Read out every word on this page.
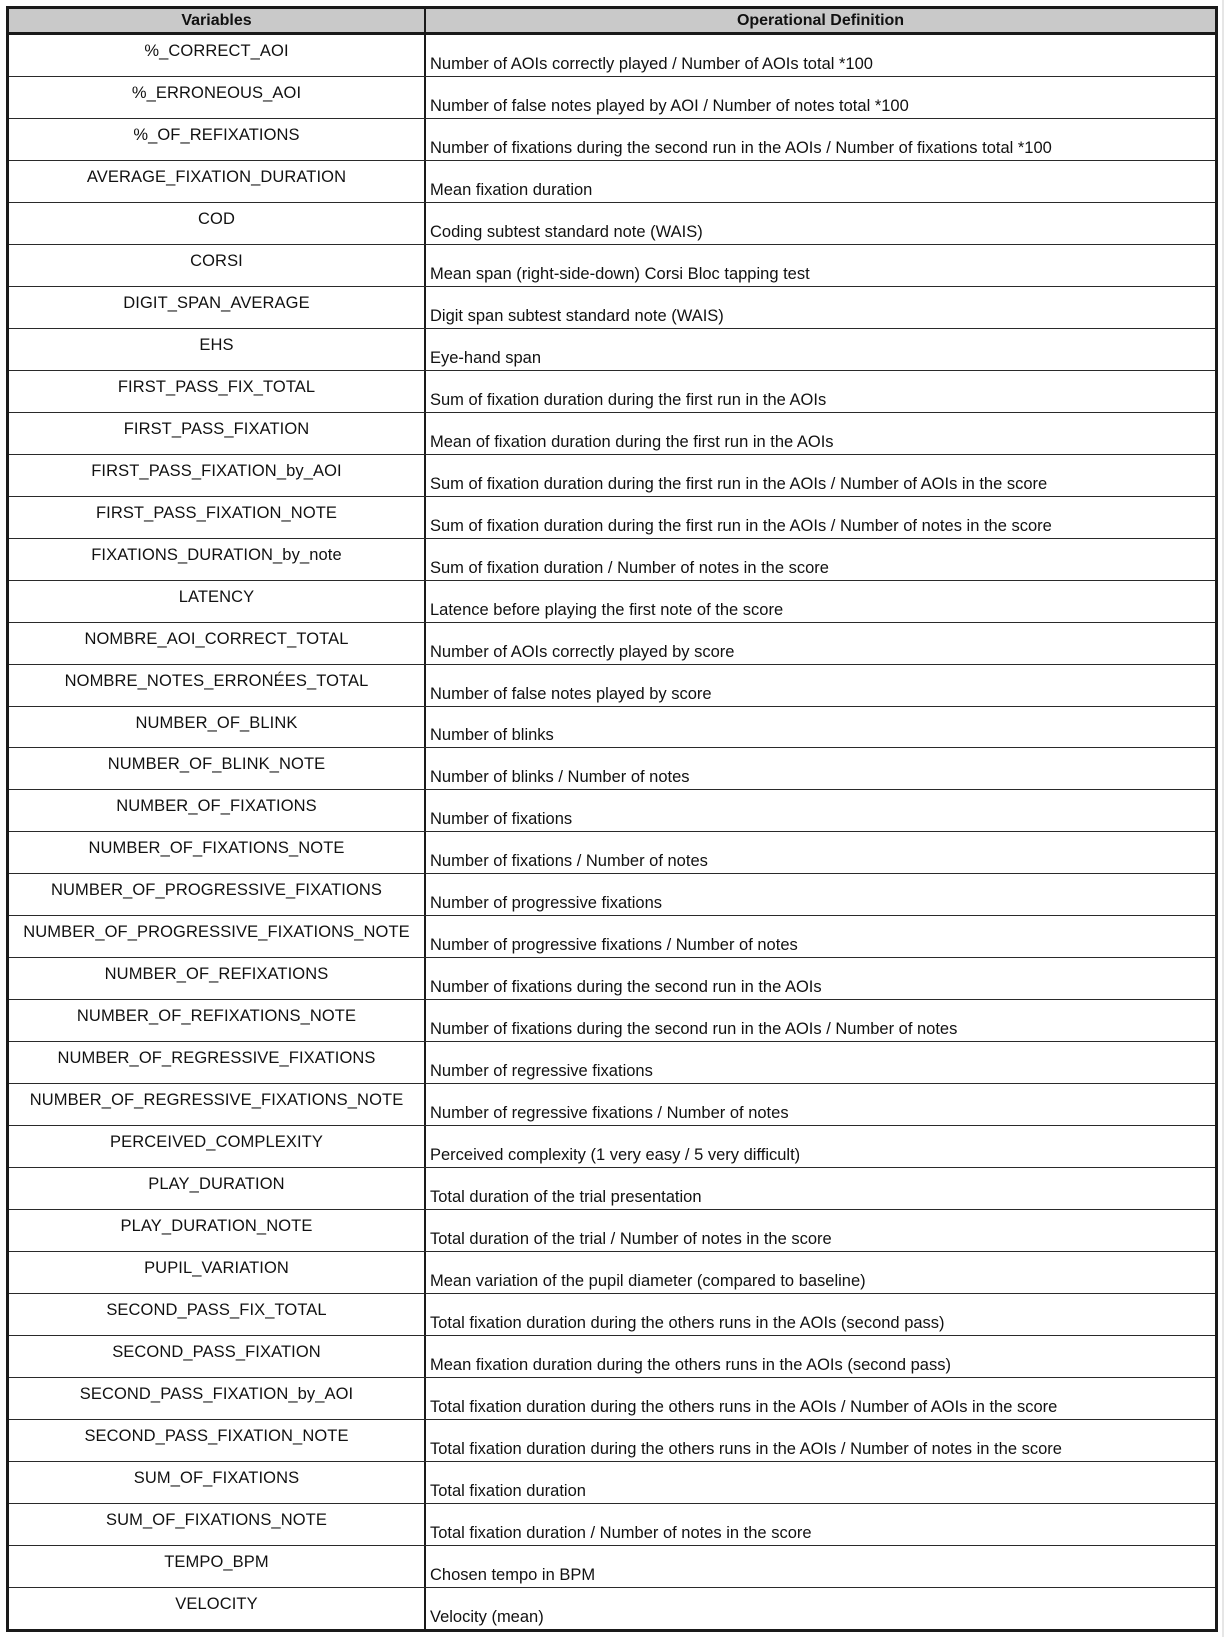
Variables	Operational Definition
%_CORRECT_AOI
Number of AOIs correctly played / Number of AOIs total *100
%_ERRONEOUS_AOI
Number of false notes played by AOI / Number of notes total *100
%_OF_REFIXATIONS
Number of fixations during the second run in the AOIs / Number of fixations total *100
AVERAGE_FIXATION_DURATION
Mean fixation duration
COD
Coding subtest standard note (WAIS)
CORSI
Mean span (right-side-down) Corsi Bloc tapping test
DIGIT_SPAN_AVERAGE
Digit span subtest standard note (WAIS)
EHS
Eye-hand span
FIRST_PASS_FIX_TOTAL
Sum of fixation duration during the first run in the AOIs
FIRST_PASS_FIXATION
Mean of fixation duration during the first run in the AOIs
FIRST_PASS_FIXATION_by_AOI
Sum of fixation duration during the first run in the AOIs / Number of AOIs in the score
FIRST_PASS_FIXATION_NOTE
Sum of fixation duration during the first run in the AOIs / Number of notes in the score
FIXATIONS_DURATION_by_note
Sum of fixation duration / Number of notes in the score
LATENCY
Latence before playing the first note of the score
NOMBRE_AOI_CORRECT_TOTAL
Number of AOIs correctly played by score
NOMBRE_NOTES_ERRONÉES_TOTAL
Number of false notes played by score
NUMBER_OF_BLINK
Number of blinks
NUMBER_OF_BLINK_NOTE
Number of blinks / Number of notes
NUMBER_OF_FIXATIONS
Number of fixations
NUMBER_OF_FIXATIONS_NOTE
Number of fixations / Number of notes
NUMBER_OF_PROGRESSIVE_FIXATIONS
Number of progressive fixations
NUMBER_OF_PROGRESSIVE_FIXATIONS_NOTE
Number of progressive fixations / Number of notes
NUMBER_OF_REFIXATIONS
Number of fixations during the second run in the AOIs
NUMBER_OF_REFIXATIONS_NOTE
Number of fixations during the second run in the AOIs / Number of notes
NUMBER_OF_REGRESSIVE_FIXATIONS
Number of regressive fixations
NUMBER_OF_REGRESSIVE_FIXATIONS_NOTE
Number of regressive fixations / Number of notes
PERCEIVED_COMPLEXITY
Perceived complexity (1 very easy / 5 very difficult)
PLAY_DURATION
Total duration of the trial presentation
PLAY_DURATION_NOTE
Total duration of the trial / Number of notes in the score
PUPIL_VARIATION
Mean variation of the pupil diameter (compared to baseline)
SECOND_PASS_FIX_TOTAL
Total fixation duration during the others runs in the AOIs (second pass)
SECOND_PASS_FIXATION
Mean fixation duration during the others runs in the AOIs (second pass)
SECOND_PASS_FIXATION_by_AOI
Total fixation duration during the others runs in the AOIs / Number of AOIs in the score
SECOND_PASS_FIXATION_NOTE
Total fixation duration during the others runs in the AOIs / Number of notes in the score
SUM_OF_FIXATIONS
Total fixation duration
SUM_OF_FIXATIONS_NOTE
Total fixation duration / Number of notes in the score
TEMPO_BPM
Chosen tempo in BPM
VELOCITY
Velocity (mean)
